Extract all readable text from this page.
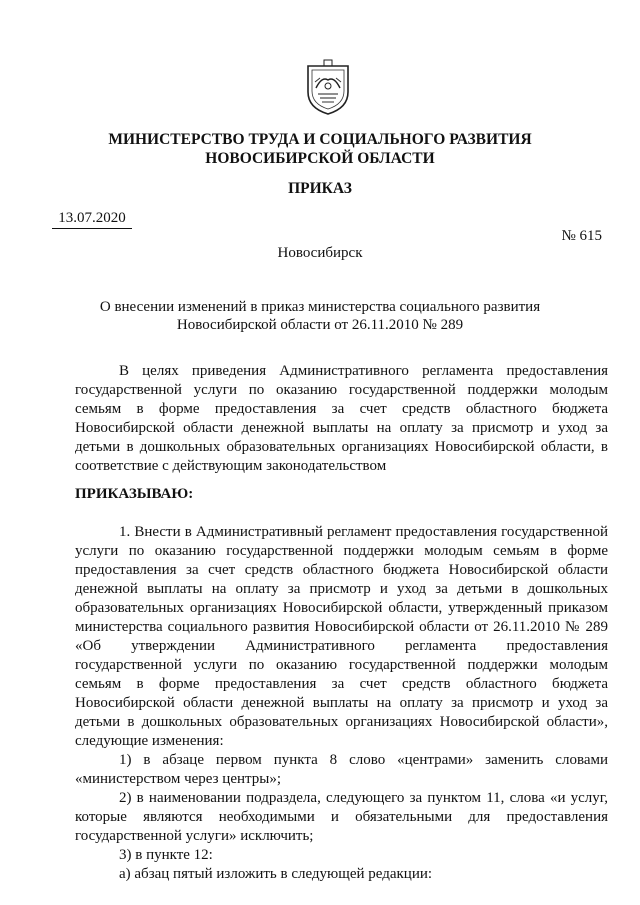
МИНИСТЕРСТВО ТРУДА И СОЦИАЛЬНОГО РАЗВИТИЯ
НОВОСИБИРСКОЙ ОБЛАСТИ
ПРИКАЗ
13.07.2020
№ 615
Новосибирск
О внесении изменений в приказ министерства социального развития
Новосибирской области от 26.11.2010 № 289

В целях приведения Административного регламента предоставления государственной услуги по оказанию государственной поддержки молодым семьям в форме предоставления за счет средств областного бюджета Новосибирской области денежной выплаты на оплату за присмотр и уход за детьми в дошкольных образовательных организациях Новосибирской области, в соответствие с действующим законодательством

ПРИКАЗЫВАЮ:

1. Внести в Административный регламент предоставления государственной услуги по оказанию государственной поддержки молодым семьям в форме предоставления за счет средств областного бюджета Новосибирской области денежной выплаты на оплату за присмотр и уход за детьми в дошкольных образовательных организациях Новосибирской области, утвержденный приказом министерства социального развития Новосибирской области от 26.11.2010 № 289 «Об утверждении Административного регламента предоставления государственной услуги по оказанию государственной поддержки молодым семьям в форме предоставления за счет средств областного бюджета Новосибирской области денежной выплаты на оплату за присмотр и уход за детьми в дошкольных образовательных организациях Новосибирской области», следующие изменения:

1) в абзаце первом пункта 8 слово «центрами» заменить словами «министерством через центры»;

2) в наименовании подраздела, следующего за пунктом 11, слова «и услуг, которые являются необходимыми и обязательными для предоставления государственной услуги» исключить;

3) в пункте 12:

а) абзац пятый изложить в следующей редакции:
